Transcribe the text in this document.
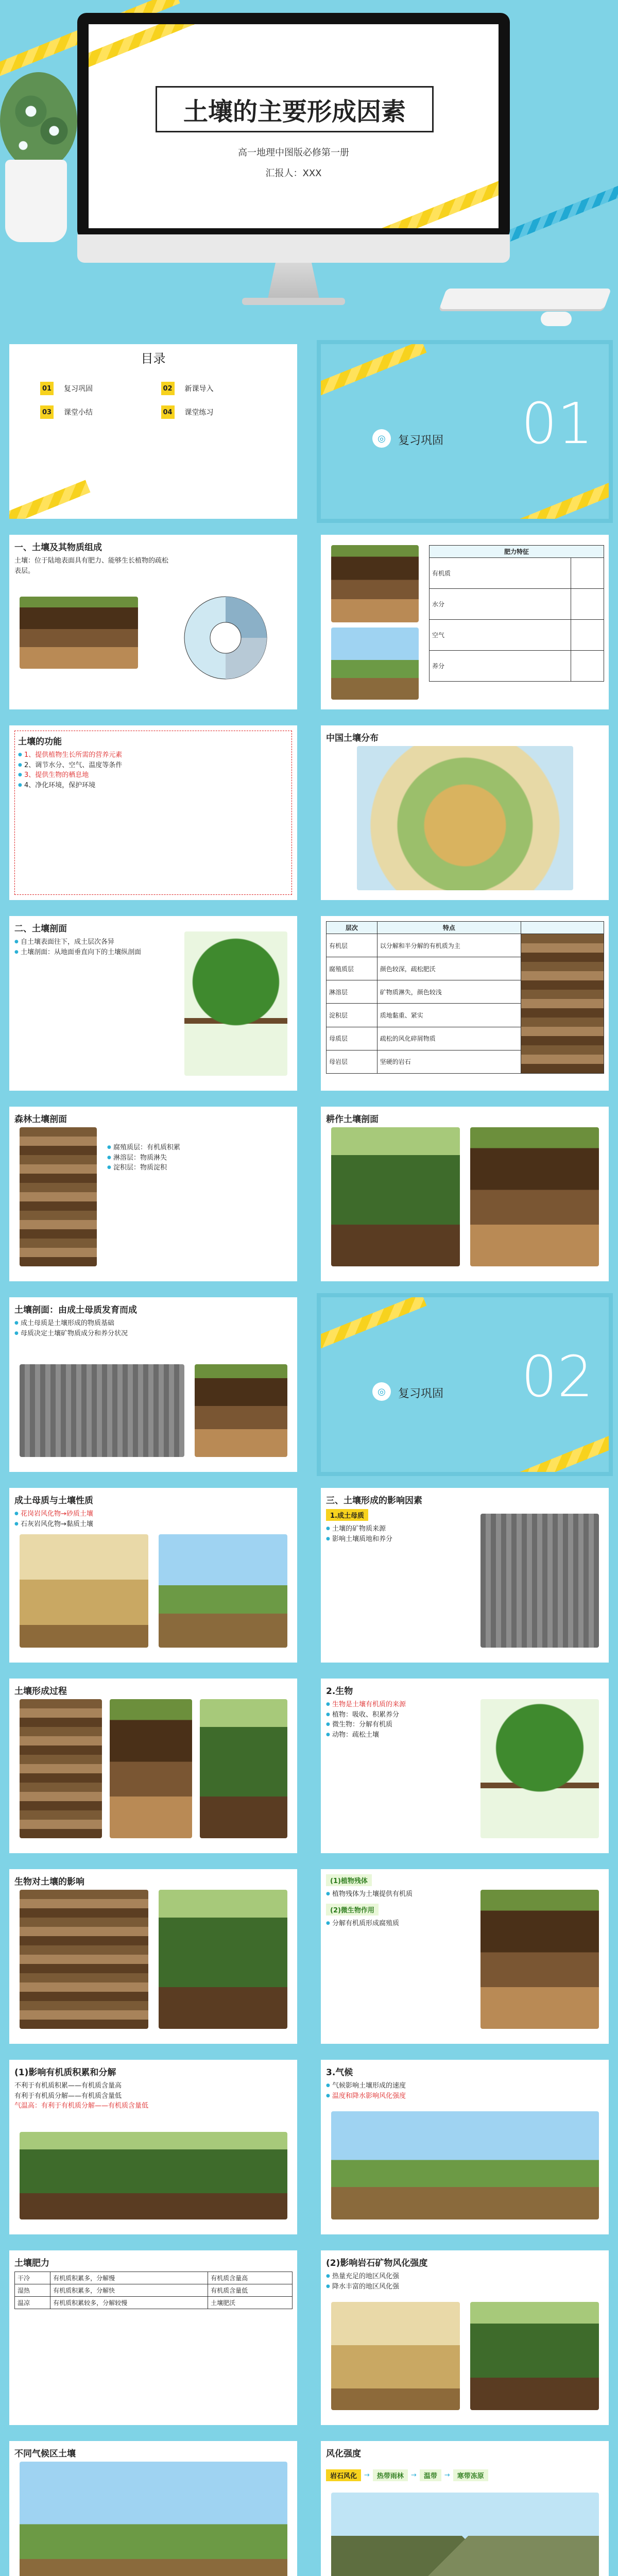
土壤的主要形成因素
高一地理中图版必修第一册
汇报人：XXX
目录
01	复习巩固	02	新课导入
03	课堂小结	04	课堂练习
◎	复习巩固 01
一、土壤及其物质组成
土壤：位于陆地表面具有肥力、能够生长植物的疏松表层。
肥力特征	
有机质	
水分	
空气	
养分	
土壤的功能
● 1、提供植物生长所需的营养元素
● 2、调节水分、空气、温度等条件
● 3、提供生物的栖息地
● 4、净化环境，保护环境
中国土壤分布
二、土壤剖面
● 自土壤表面往下，成土层次各异
● 土壤剖面：从地面垂直向下的土壤纵剖面
层次	特点	
有机层	以分解和半分解的有机质为主	

腐殖质层	颜色较深，疏松肥沃	
淋溶层	矿物质淋失，颜色较浅	
淀积层	质地黏重、紧实	
母质层	疏松的风化碎屑物质	
母岩层	坚硬的岩石	
森林土壤剖面
● 腐殖质层：有机质积累
● 淋溶层：物质淋失
● 淀积层：物质淀积
耕作土壤剖面
土壤剖面：由成土母质发育而成
● 成土母质是土壤形成的物质基础
● 母质决定土壤矿物质成分和养分状况
◎	复习巩固 02
成土母质与土壤性质
● 花岗岩风化物→砂质土壤
● 石灰岩风化物→黏质土壤
三、土壤形成的影响因素
1.成土母质
● 土壤的矿物质来源
● 影响土壤质地和养分
土壤形成过程	2.生物
● 生物是土壤有机质的来源
● 植物：吸收、积累养分
● 微生物：分解有机质
● 动物：疏松土壤
生物对土壤的影响	(1)植物残体
● 植物残体为土壤提供有机质
(2)微生物作用
● 分解有机质形成腐殖质
(1)影响有机质积累和分解
不利于有机质积累——有机质含量高
有利于有机质分解——有机质含量低
气温高：有利于有机质分解——有机质含量低
3.气候
● 气候影响土壤形成的速度
● 温度和降水影响风化强度
土壤肥力
干冷	有机质积累多，分解慢	有机质含量高
湿热	有机质积累多，分解快	有机质含量低
温凉	有机质积累较多，分解较慢	土壤肥沃
(2)影响岩石矿物风化强度
● 热量充足的地区风化强
● 降水丰富的地区风化强
不同气候区土壤	风化强度
岩石风化	→	热带雨林	→	温带	→	寒带冻原
